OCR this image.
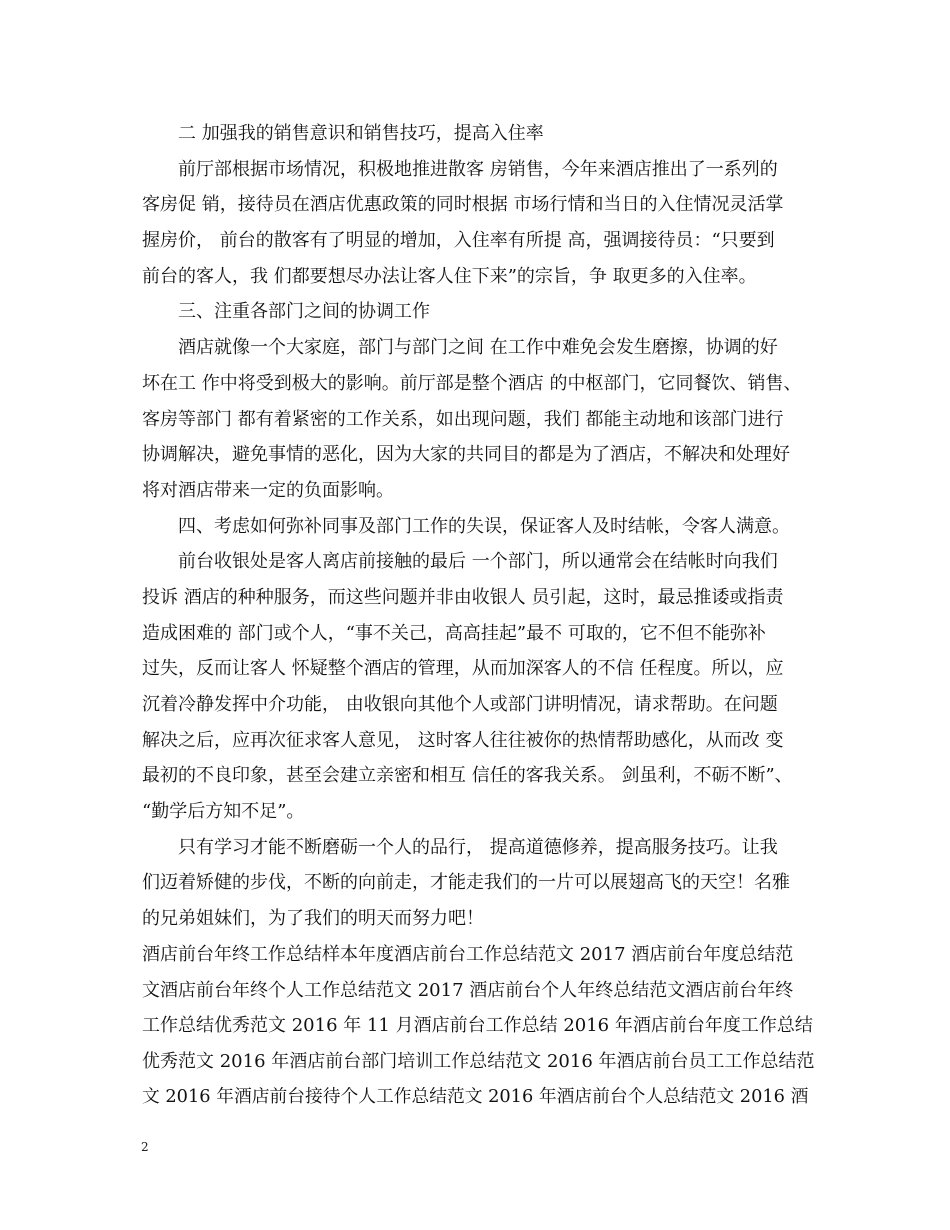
二 加强我的销售意识和销售技巧，提高入住率
前厅部根据市场情况，积极地推进散客 房销售，今年来酒店推出了一系列的
客房促 销，接待员在酒店优惠政策的同时根据 市场行情和当日的入住情况灵活掌
握房价， 前台的散客有了明显的增加，入住率有所提 高，强调接待员：“只要到
前台的客人，我 们都要想尽办法让客人住下来”的宗旨，争 取更多的入住率。
三、注重各部门之间的协调工作
酒店就像一个大家庭，部门与部门之间 在工作中难免会发生磨擦，协调的好
坏在工 作中将受到极大的影响。前厅部是整个酒店 的中枢部门，它同餐饮、销售、
客房等部门 都有着紧密的工作关系，如出现问题，我们 都能主动地和该部门进行
协调解决，避免事情的恶化，因为大家的共同目的都是为了酒店，不解决和处理好
将对酒店带来一定的负面影响。
四、考虑如何弥补同事及部门工作的失误，保证客人及时结帐，令客人满意。
前台收银处是客人离店前接触的最后 一个部门，所以通常会在结帐时向我们
投诉 酒店的种种服务，而这些问题并非由收银人 员引起，这时，最忌推诿或指责
造成困难的 部门或个人，“事不关己，高高挂起”最不 可取的，它不但不能弥补
过失，反而让客人 怀疑整个酒店的管理，从而加深客人的不信 任程度。所以，应
沉着冷静发挥中介功能， 由收银向其他个人或部门讲明情况，请求帮助。在问题
解决之后，应再次征求客人意见， 这时客人往往被你的热情帮助感化，从而改 变
最初的不良印象，甚至会建立亲密和相互 信任的客我关系。 剑虽利，不砺不断”、
“勤学后方知不足”。
只有学习才能不断磨砺一个人的品行， 提高道德修养，提高服务技巧。让我
们迈着矫健的步伐，不断的向前走，才能走我们的一片可以展翅高飞的天空！名雅
的兄弟姐妹们，为了我们的明天而努力吧！
酒店前台年终工作总结样本年度酒店前台工作总结范文 2017 酒店前台年度总结范
文酒店前台年终个人工作总结范文 2017 酒店前台个人年终总结范文酒店前台年终
工作总结优秀范文 2016 年 11 月酒店前台工作总结 2016 年酒店前台年度工作总结
优秀范文 2016 年酒店前台部门培训工作总结范文 2016 年酒店前台员工工作总结范
文 2016 年酒店前台接待个人工作总结范文 2016 年酒店前台个人总结范文 2016 酒
2
